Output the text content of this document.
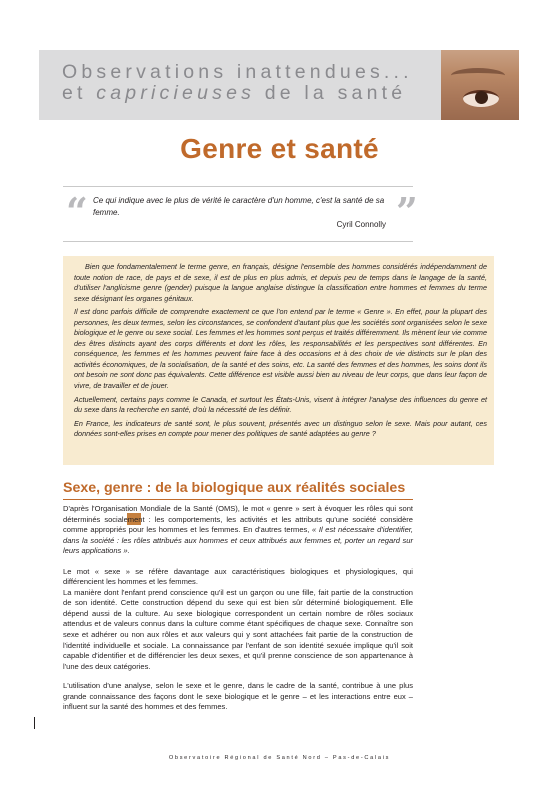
Observations inattendues...
et capricieuses de la santé
Genre et santé
“	”
Ce qui indique avec le plus de vérité le caractère d'un homme, c'est la santé de sa femme.
Cyril Connolly

Bien que fondamentalement le terme genre, en français, désigne l'ensemble des hommes considérés indépendamment de toute notion de race, de pays et de sexe, il est de plus en plus admis, et depuis peu de temps dans le langage de la santé, d'utiliser l'anglicisme genre (gender) puisque la langue anglaise distingue la classification entre hommes et femmes du terme sexe désignant les organes génitaux.

Il est donc parfois difficile de comprendre exactement ce que l'on entend par le terme « Genre ». En effet, pour la plupart des personnes, les deux termes, selon les circonstances, se confondent d'autant plus que les sociétés sont organisées selon le sexe biologique et le genre ou sexe social. Les femmes et les hommes sont perçus et traités différemment. Ils mènent leur vie comme des êtres distincts ayant des corps différents et dont les rôles, les responsabilités et les perspectives sont différentes. En conséquence, les femmes et les hommes peuvent faire face à des occasions et à des choix de vie distincts sur le plan des activités économiques, de la socialisation, de la santé et des soins, etc. La santé des femmes et des hommes, les soins dont ils ont besoin ne sont donc pas équivalents. Cette différence est visible aussi bien au niveau de leur corps, que dans leur façon de vivre, de travailler et de jouer.

Actuellement, certains pays comme le Canada, et surtout les États-Unis, visent à intégrer l'analyse des influences du genre et du sexe dans la recherche en santé, d'où la nécessité de les définir.

En France, les indicateurs de santé sont, le plus souvent, présentés avec un distinguo selon le sexe. Mais pour autant, ces données sont-elles prises en compte pour mener des politiques de santé adaptées au genre ?

Sexe, genre : de la biologique aux réalités sociales

D'après l'Organisation Mondiale de la Santé (OMS), le mot « genre » sert à évoquer les rôles qui sont déterminés socialement : les comportements, les activités et les attributs qu'une société considère comme appropriés pour les hommes et les femmes. En d'autres termes, « Il est nécessaire d'identifier, dans la société : les rôles attribués aux hommes et ceux attribués aux femmes et, porter un regard sur leurs applications ».

Le mot « sexe » se réfère davantage aux caractéristiques biologiques et physiologiques, qui différencient les hommes et les femmes.

La manière dont l'enfant prend conscience qu'il est un garçon ou une fille, fait partie de la construction de son identité. Cette construction dépend du sexe qui est bien sûr déterminé biologiquement. Elle dépend aussi de la culture. Au sexe biologique correspondent un certain nombre de rôles sociaux attendus et de valeurs connus dans la culture comme étant spécifiques de chaque sexe. Connaître son sexe et adhérer ou non aux rôles et aux valeurs qui y sont attachées fait partie de la construction de l'identité individuelle et sociale. La connaissance par l'enfant de son identité sexuée implique qu'il soit capable d'identifier et de différencier les deux sexes, et qu'il prenne conscience de son appartenance à l'une des deux catégories.

L'utilisation d'une analyse, selon le sexe et le genre, dans le cadre de la santé, contribue à une plus grande connaissance des façons dont le sexe biologique et le genre – et les interactions entre eux – influent sur la santé des hommes et des femmes.

Observatoire Régional de Santé Nord – Pas-de-Calais
